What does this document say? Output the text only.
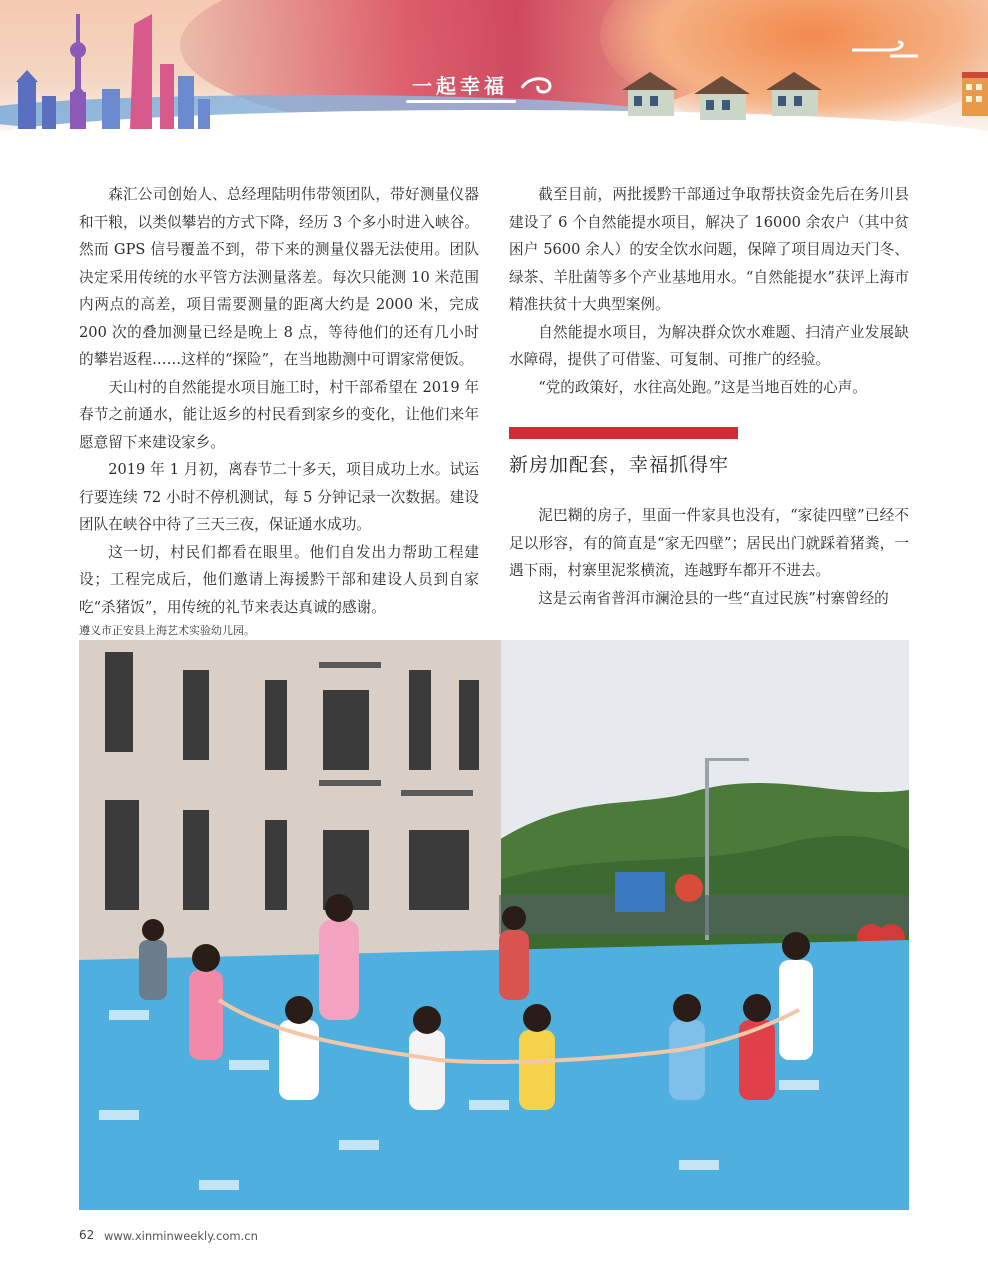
一起幸福

森汇公司创始人、总经理陆明伟带领团队，带好测量仪器和干粮，以类似攀岩的方式下降，经历 3 个多小时进入峡谷。然而 GPS 信号覆盖不到，带下来的测量仪器无法使用。团队决定采用传统的水平管方法测量落差。每次只能测 10 米范围内两点的高差，项目需要测量的距离大约是 2000 米，完成 200 次的叠加测量已经是晚上 8 点，等待他们的还有几小时的攀岩返程……这样的“探险”，在当地勘测中可谓家常便饭。

天山村的自然能提水项目施工时，村干部希望在 2019 年春节之前通水，能让返乡的村民看到家乡的变化，让他们来年愿意留下来建设家乡。

2019 年 1 月初，离春节二十多天，项目成功上水。试运行要连续 72 小时不停机测试，每 5 分钟记录一次数据。建设团队在峡谷中待了三天三夜，保证通水成功。

这一切，村民们都看在眼里。他们自发出力帮助工程建设；工程完成后，他们邀请上海援黔干部和建设人员到自家吃“杀猪饭”，用传统的礼节来表达真诚的感谢。

截至目前，两批援黔干部通过争取帮扶资金先后在务川县建设了 6 个自然能提水项目，解决了 16000 余农户（其中贫困户 5600 余人）的安全饮水问题，保障了项目周边天门冬、绿茶、羊肚菌等多个产业基地用水。“自然能提水”获评上海市精准扶贫十大典型案例。

自然能提水项目，为解决群众饮水难题、扫清产业发展缺水障碍，提供了可借鉴、可复制、可推广的经验。

“党的政策好，水往高处跑。”这是当地百姓的心声。

新房加配套，幸福抓得牢

泥巴糊的房子，里面一件家具也没有，“家徒四壁”已经不足以形容，有的简直是“家无四壁”；居民出门就踩着猪粪，一遇下雨，村寨里泥浆横流，连越野车都开不进去。

这是云南省普洱市澜沧县的一些“直过民族”村寨曾经的

遵义市正安县上海艺术实验幼儿园。
62 www.xinminweekly.com.cn
